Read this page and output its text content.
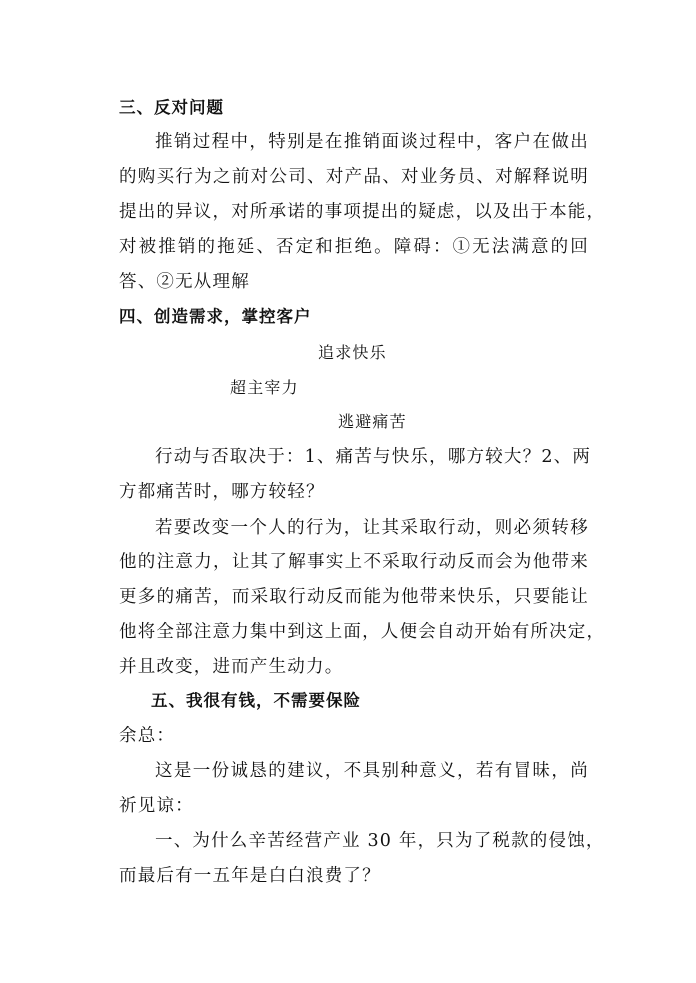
三、反对问题
推销过程中，特别是在推销面谈过程中，客户在做出
的购买行为之前对公司、对产品、对业务员、对解释说明
提出的异议，对所承诺的事项提出的疑虑，以及出于本能，
对被推销的拖延、否定和拒绝。障碍：①无法满意的回
答、②无从理解
四、创造需求，掌控客户
追求快乐
超主宰力
逃避痛苦
行动与否取决于：1、痛苦与快乐，哪方较大？2、两
方都痛苦时，哪方较轻？
若要改变一个人的行为，让其采取行动，则必须转移
他的注意力，让其了解事实上不采取行动反而会为他带来
更多的痛苦，而采取行动反而能为他带来快乐，只要能让
他将全部注意力集中到这上面，人便会自动开始有所决定，
并且改变，进而产生动力。
五、我很有钱，不需要保险
余总：
这是一份诚恳的建议，不具别种意义，若有冒昧，尚
祈见谅：
一、为什么辛苦经营产业 30 年，只为了税款的侵蚀，
而最后有一五年是白白浪费了？
